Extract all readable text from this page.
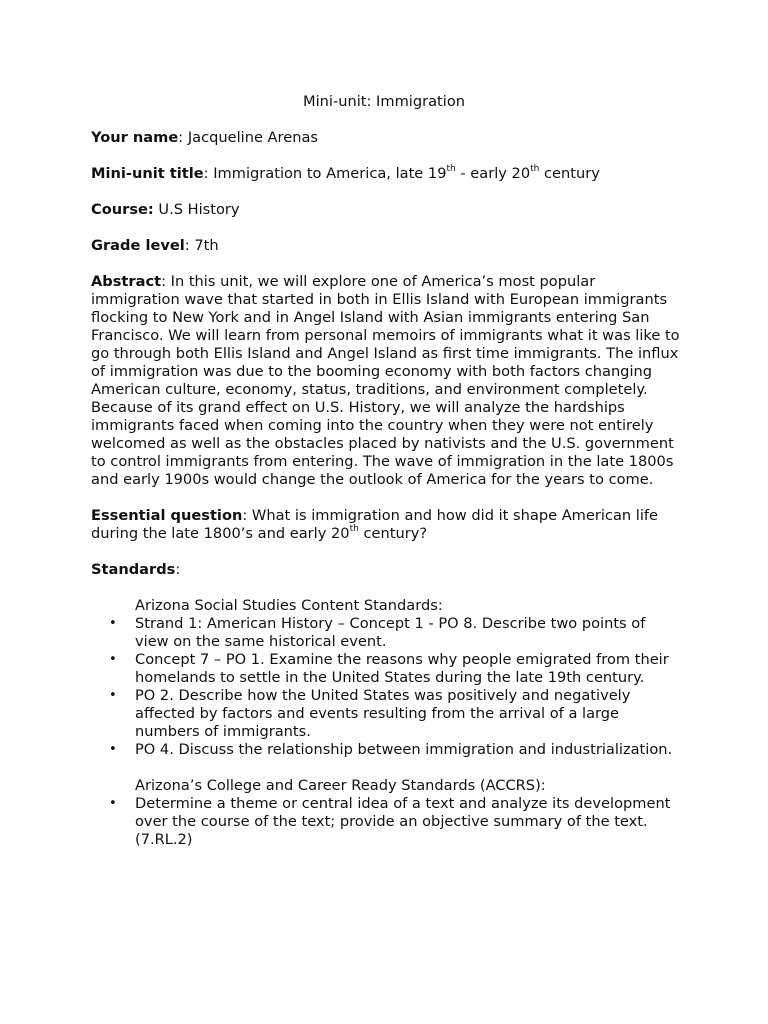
Mini-unit: Immigration
Your name: Jacqueline Arenas
Mini-unit title: Immigration to America, late 19th - early 20th century
Course: U.S History
Grade level: 7th
Abstract: In this unit, we will explore one of America’s most popular immigration wave that started in both in Ellis Island with European immigrants flocking to New York and in Angel Island with Asian immigrants entering San Francisco. We will learn from personal memoirs of immigrants what it was like to go through both Ellis Island and Angel Island as first time immigrants. The influx of immigration was due to the booming economy with both factors changing American culture, economy, status, traditions, and environment completely. Because of its grand effect on U.S. History, we will analyze the hardships immigrants faced when coming into the country when they were not entirely welcomed as well as the obstacles placed by nativists and the U.S. government to control immigrants from entering. The wave of immigration in the late 1800s and early 1900s would change the outlook of America for the years to come.
Essential question: What is immigration and how did it shape American life during the late 1800’s and early 20th century?
Standards:
Arizona Social Studies Content Standards:
• Strand 1: American History – Concept 1 - PO 8. Describe two points of view on the same historical event.
• Concept 7 – PO 1. Examine the reasons why people emigrated from their homelands to settle in the United States during the late 19th century.
• PO 2. Describe how the United States was positively and negatively affected by factors and events resulting from the arrival of a large numbers of immigrants.
• PO 4. Discuss the relationship between immigration and industrialization.
Arizona’s College and Career Ready Standards (ACCRS):
• Determine a theme or central idea of a text and analyze its development over the course of the text; provide an objective summary of the text. (7.RL.2)
